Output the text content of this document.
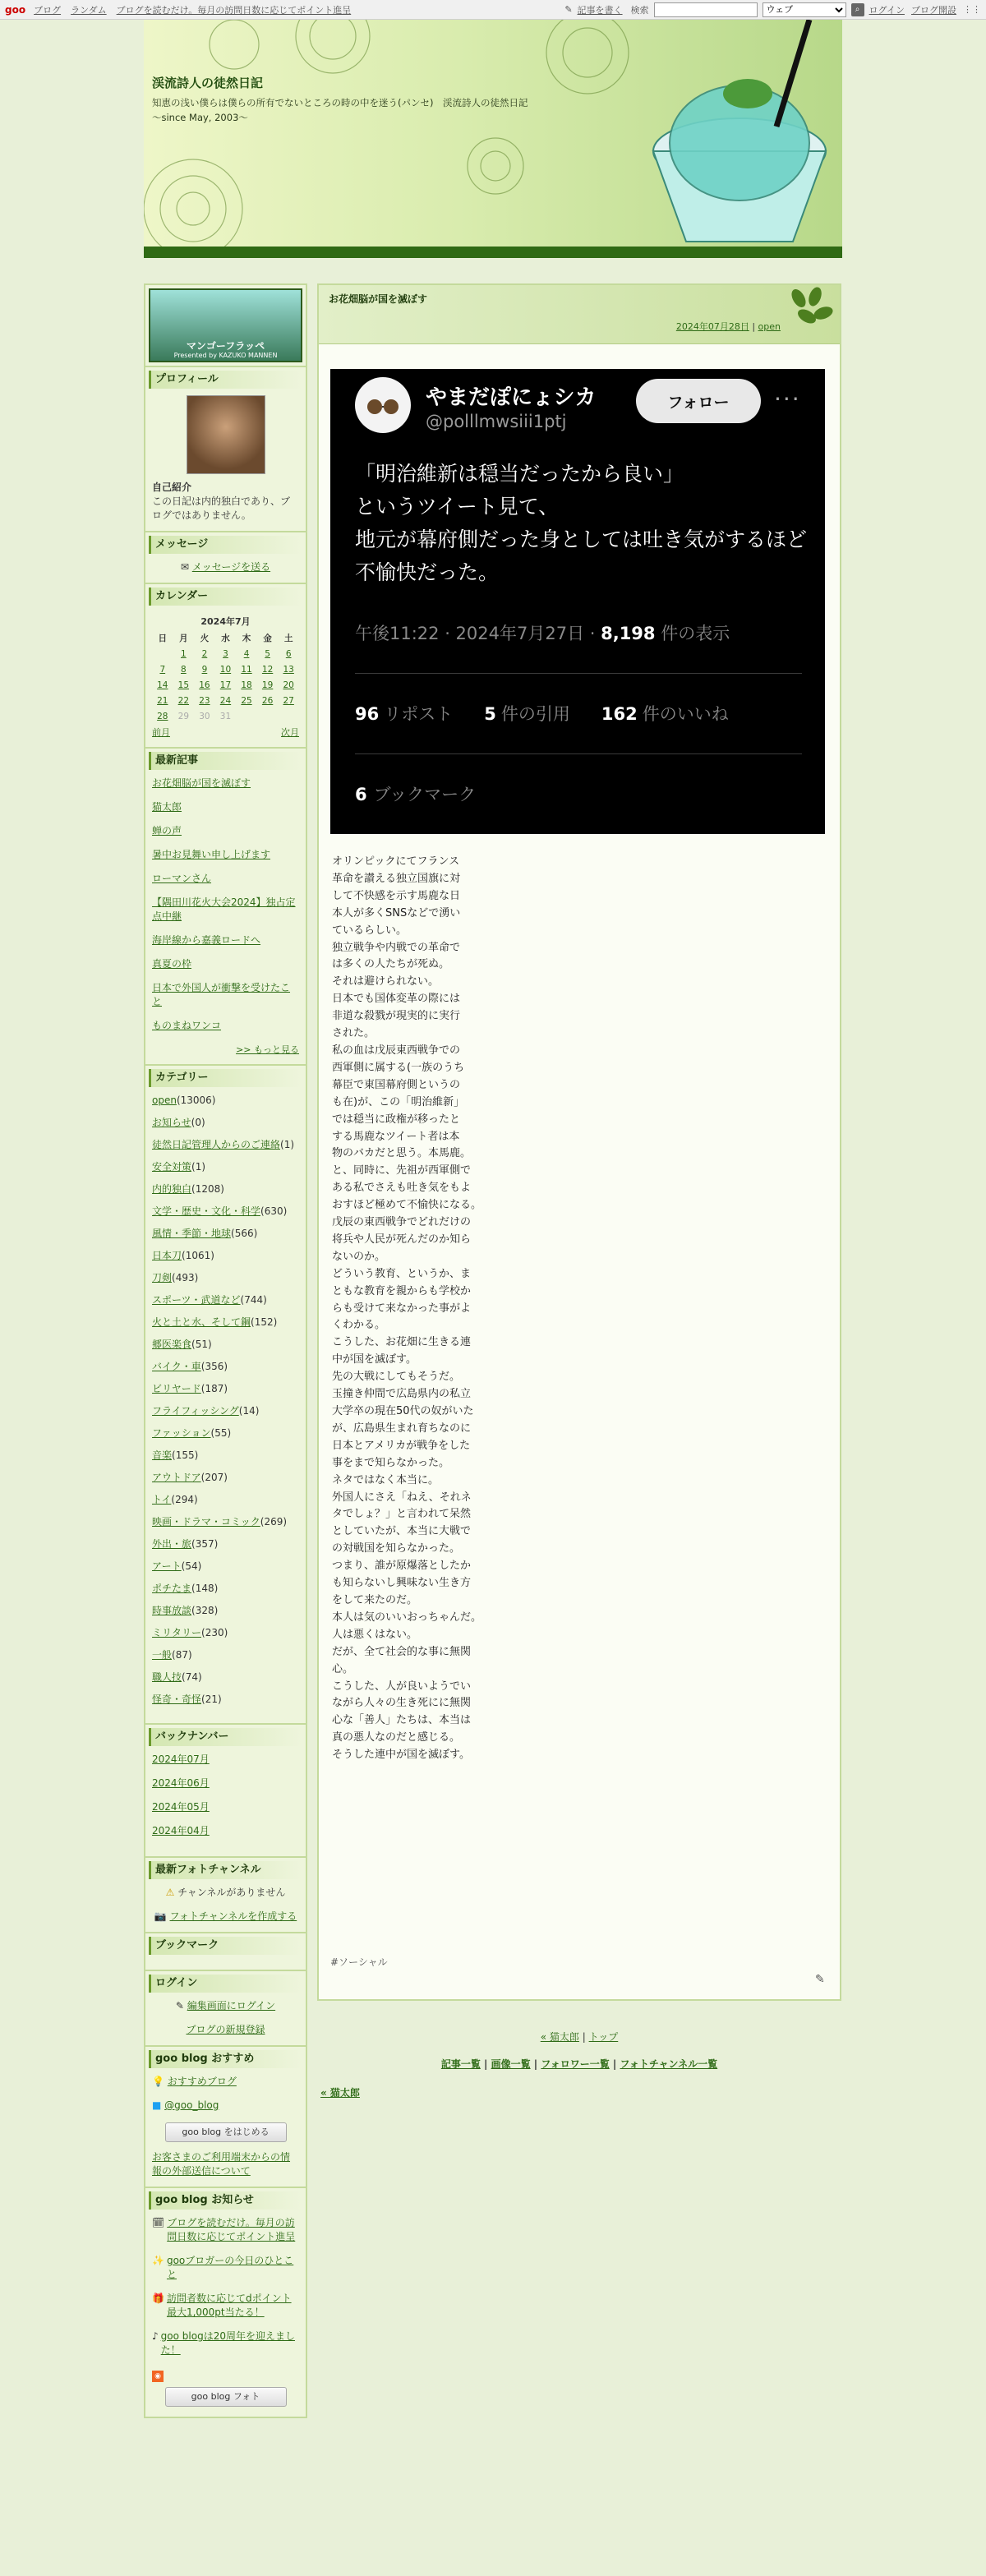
goo ブログ ランダム ブログを読むだけ。毎月の訪問日数に応じてポイント進呈	✎ 記事を書く 検索
ウェブ	⌕	ログイン ブログ開設 ⋮⋮
渓流詩人の徒然日記
知恵の浅い僕らは僕らの所有でないところの時の中を迷う(パンセ)　渓流詩人の徒然日記　～since May, 2003～
マンゴーフラッペ
Presented by KAZUKO MANNEN
プロフィール
自己紹介
この日記は内的独白であり、ブログではありません。
メッセージ
✉ メッセージを送る
カレンダー
2024年7月						
日	月	火	水	木	金	土
	1	2	3	4	5	6
7	8	9	10	11	12	13
14	15	16	17	18	19	20
21	22	23	24	25	26	27
28	29	30	31			
前月	次月
最新記事
お花畑脳が国を滅ぼす
猫太郎
蝉の声
暑中お見舞い申し上げます
ローマンさん
【隅田川花火大会2024】独占定点中継
海岸線から嘉義ロードへ
真夏の枠
日本で外国人が衝撃を受けたこと
ものまねワンコ
>> もっと見る
カテゴリー
open(13006)
お知らせ(0)
徒然日記管理人からのご連絡(1)
安全対策(1)
内的独白(1208)
文学・歴史・文化・科学(630)
風情・季節・地球(566)
日本刀(1061)
刀剣(493)
スポーツ・武道など(744)
火と土と水、そして鋼(152)
郷医楽食(51)
バイク・車(356)
ビリヤード(187)
フライフィッシング(14)
ファッション(55)
音楽(155)
アウトドア(207)
トイ(294)
映画・ドラマ・コミック(269)
外出・旅(357)
アート(54)
ポチたま(148)
時事放談(328)
ミリタリー(230)
一般(87)
職人技(74)
怪奇・奇怪(21)
バックナンバー
2024年07月
2024年06月
2024年05月
2024年04月
最新フォトチャンネル
⚠ チャンネルがありません
📷 フォトチャンネルを作成する
ブックマーク
ログイン
✎ 編集画面にログイン
ブログの新規登録
goo blog おすすめ
💡 おすすめブログ
■ @goo_blog
goo blog をはじめる
お客さまのご利用端末からの情報の外部送信について
goo blog お知らせ
🗓 ブログを読むだけ。毎月の訪問日数に応じてポイント進呈
✨ gooブロガーの今日のひとこと
🎁 訪問者数に応じてdポイント最大1,000pt当たる！
♪ goo blogは20周年を迎えました！
◉
goo blog フォト
お花畑脳が国を滅ぼす
2024年07月28日 | open
やまだぽにょシカ
@polllmwsiii1ptj
フォロー	···
「明治維新は穏当だったから良い」
というツイート見て、
地元が幕府側だった身としては吐き気がするほど不愉快だった。
午後11:22 · 2024年7月27日 · 8,198 件の表示
96 リポスト 5 件の引用 162 件のいいね
6 ブックマーク
オリンピックにてフランス
革命を讃える独立国旗に対
して不快感を示す馬鹿な日
本人が多くSNSなどで湧い
ているらしい。
独立戦争や内戦での革命で
は多くの人たちが死ぬ。
それは避けられない。
日本でも国体変革の際には
非道な殺戮が現実的に実行
された。
私の血は戊辰東西戦争での
西軍側に属する(一族のうち
幕臣で東国幕府側というの
も在)が、この「明治維新」
では穏当に政権が移ったと
する馬鹿なツイート者は本
物のバカだと思う。本馬鹿。
と、同時に、先祖が西軍側で
ある私でさえも吐き気をもよ
おすほど極めて不愉快になる。
戊辰の東西戦争でどれだけの
将兵や人民が死んだのか知ら
ないのか。
どういう教育、というか、ま
ともな教育を親からも学校か
らも受けて来なかった事がよ
くわかる。
こうした、お花畑に生きる連
中が国を滅ぼす。
先の大戦にしてもそうだ。
玉撞き仲間で広島県内の私立
大学卒の現在50代の奴がいた
が、広島県生まれ育ちなのに
日本とアメリカが戦争をした
事をまで知らなかった。
ネタではなく本当に。
外国人にさえ「ねえ、それネ
タでしょ？」と言われて呆然
としていたが、本当に大戦で
の対戦国を知らなかった。
つまり、誰が原爆落としたか
も知らないし興味ない生き方
をして来たのだ。
本人は気のいいおっちゃんだ。
人は悪くはない。
だが、全て社会的な事に無関
心。
こうした、人が良いようでい
ながら人々の生き死にに無関
心な「善人」たちは、本当は
真の悪人なのだと感じる。
そうした連中が国を滅ぼす。
#ソーシャル
✎
« 猫太郎 | トップ
記事一覧 | 画像一覧 | フォロワー一覧 | フォトチャンネル一覧
« 猫太郎
